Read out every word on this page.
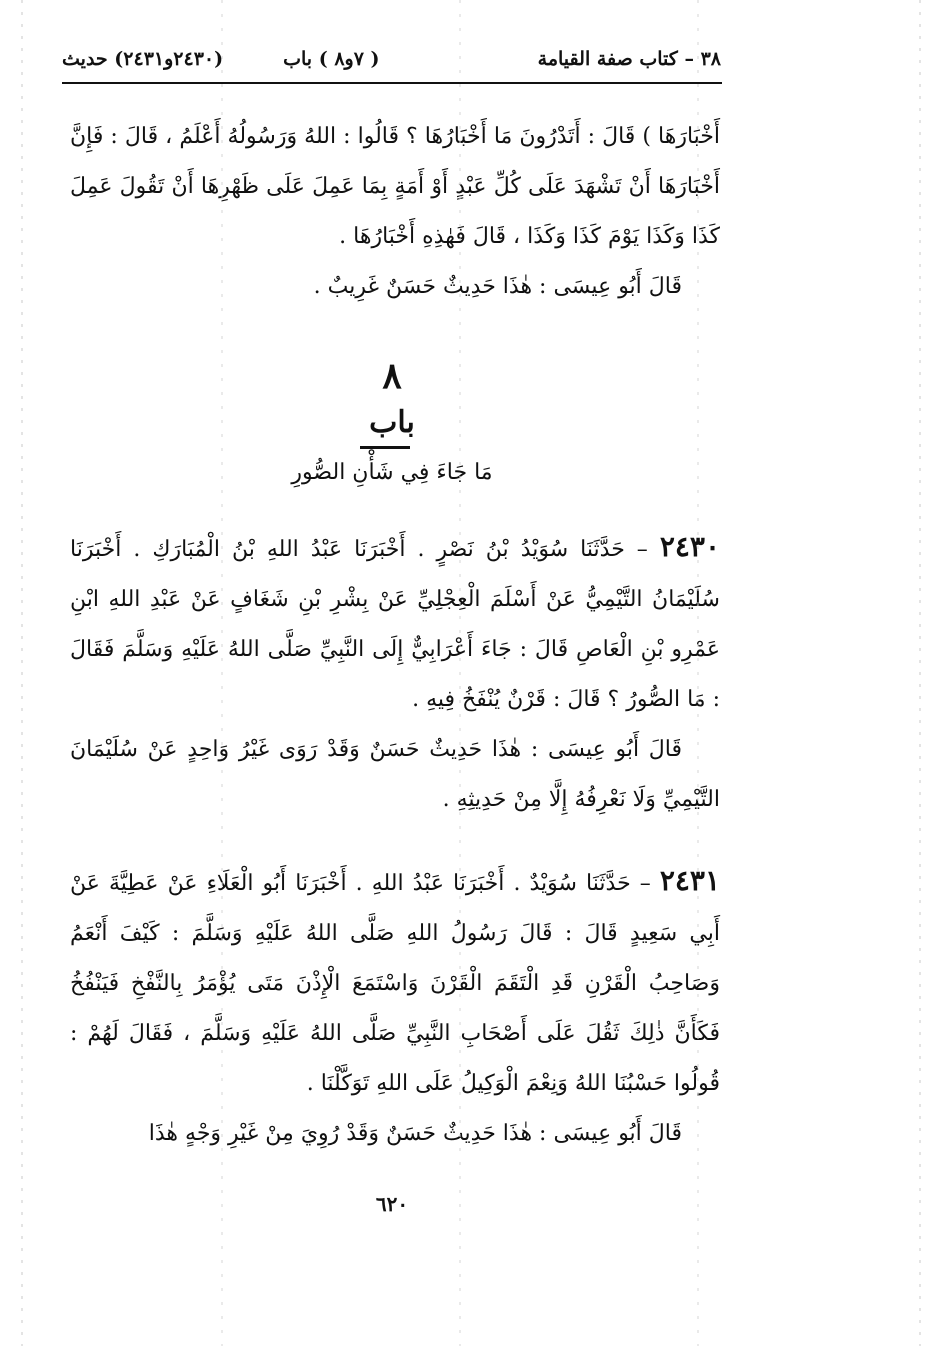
٣٨ – كتاب صفة القيامة
( ٧و٨ ) باب
(٢٤٣٠و٢٤٣١) حديث

أَخْبَارَهَا ) قَالَ : أَتَدْرُونَ مَا أَخْبَارُهَا ؟ قَالُوا : اللهُ وَرَسُولُهُ أَعْلَمُ ، قَالَ : فَإِنَّ أَخْبَارَهَا أَنْ تَشْهَدَ عَلَى كُلِّ عَبْدٍ أَوْ أَمَةٍ بِمَا عَمِلَ عَلَى ظَهْرِهَا أَنْ تَقُولَ عَمِلَ كَذَا وَكَذَا يَوْمَ كَذَا وَكَذَا ، قَالَ فَهٰذِهِ أَخْبَارُهَا .

قَالَ أَبُو عِيسَى : هٰذَا حَدِيثٌ حَسَنٌ غَرِيبٌ .

٨
باب
مَا جَاءَ فِي شَأْنِ الصُّورِ

٢٤٣٠ – حَدَّثَنَا سُوَيْدُ بْنُ نَصْرٍ . أَخْبَرَنَا عَبْدُ اللهِ بْنُ الْمُبَارَكِ . أَخْبَرَنَا سُلَيْمَانُ التَّيْمِيُّ عَنْ أَسْلَمَ الْعِجْلِيِّ عَنْ بِشْرِ بْنِ شَغَافٍ عَنْ عَبْدِ اللهِ ابْنِ عَمْرِو بْنِ الْعَاصِ قَالَ : جَاءَ أَعْرَابِيٌّ إِلَى النَّبِيِّ صَلَّى اللهُ عَلَيْهِ وَسَلَّمَ فَقَالَ : مَا الصُّورُ ؟ قَالَ : قَرْنٌ يُنْفَخُ فِيهِ .

قَالَ أَبُو عِيسَى : هٰذَا حَدِيثٌ حَسَنٌ وَقَدْ رَوَى غَيْرُ وَاحِدٍ عَنْ سُلَيْمَانَ التَّيْمِيِّ وَلَا نَعْرِفُهُ إِلَّا مِنْ حَدِيثِهِ .

٢٤٣١ – حَدَّثَنَا سُوَيْدٌ . أَخْبَرَنَا عَبْدُ اللهِ . أَخْبَرَنَا أَبُو الْعَلَاءِ عَنْ عَطِيَّةَ عَنْ أَبِي سَعِيدٍ قَالَ : قَالَ رَسُولُ اللهِ صَلَّى اللهُ عَلَيْهِ وَسَلَّمَ : كَيْفَ أَنْعَمُ وَصَاحِبُ الْقَرْنِ قَدِ الْتَقَمَ الْقَرْنَ وَاسْتَمَعَ الْإِذْنَ مَتَى يُؤْمَرُ بِالنَّفْخِ فَيَنْفُخُ فَكَأَنَّ ذٰلِكَ ثَقُلَ عَلَى أَصْحَابِ النَّبِيِّ صَلَّى اللهُ عَلَيْهِ وَسَلَّمَ ، فَقَالَ لَهُمْ : قُولُوا حَسْبُنَا اللهُ وَنِعْمَ الْوَكِيلُ عَلَى اللهِ تَوَكَّلْنَا .

قَالَ أَبُو عِيسَى : هٰذَا حَدِيثٌ حَسَنٌ وَقَدْ رُوِيَ مِنْ غَيْرِ وَجْهٍ هٰذَا

٦٢٠
